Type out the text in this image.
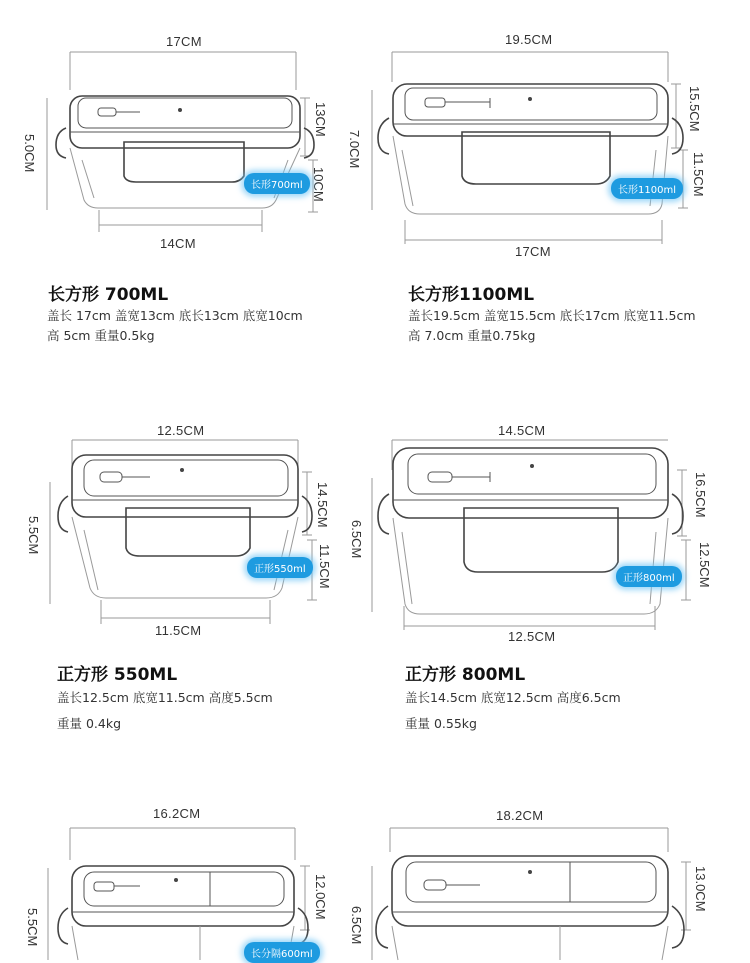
17CM
5.0CM
13CM
10CM
长形700ml
14CM
长方形 700ML
盖长 17cm 盖宽13cm 底长13cm 底宽10cm
高 5cm 重量0.5kg
19.5CM
7.0CM
15.5CM
11.5CM
长形1100ml
17CM
长方形1100ML
盖长19.5cm 盖宽15.5cm 底长17cm 底宽11.5cm
高 7.0cm 重量0.75kg
12.5CM
5.5CM
14.5CM
11.5CM
正形550ml
11.5CM
正方形 550ML
盖长12.5cm 底宽11.5cm 高度5.5cm
重量 0.4kg
14.5CM
6.5CM
16.5CM
12.5CM
正形800ml
12.5CM
正方形 800ML
盖长14.5cm 底宽12.5cm 高度6.5cm
重量 0.55kg
16.2CM
5.5CM
12.0CM
长分隔600ml
18.2CM
6.5CM
13.0CM
